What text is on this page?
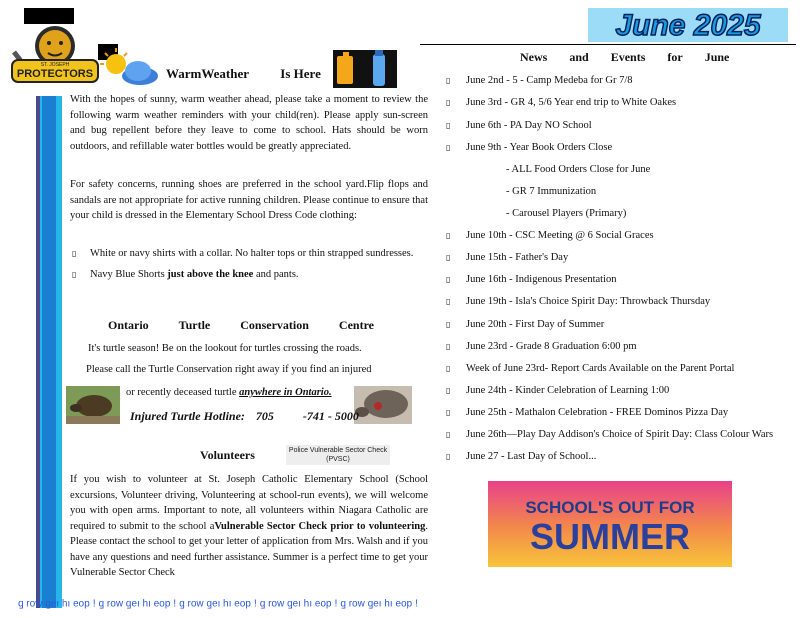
ST. JOSEPH
PROTECTORS
June 2025
WarmWeather Is Here
With the hopes of sunny, warm weather ahead, please take a moment to review the following warm weather reminders with your child(ren). Please apply sun-screen and bug repellent before they leave to come to school. Hats should be worn outdoors, and refillable water bottles would be greatly appreciated.
For safety concerns, running shoes are preferred in the school yard.Flip flops and sandals are not appropriate for active running children. Please continue to ensure that your child is dressed in the Elementary School Dress Code clothing:
▯ White or navy shirts with a collar. No halter tops or thin strapped sundresses.
▯ Navy Blue Shorts just above the knee and pants.
Ontario	Turtle	Conservation	Centre
It's turtle season! Be on the lookout for turtles crossing the roads.
Please call the Turtle Conservation right away if you find an injured
or recently deceased turtle anywhere in Ontario.
Injured Turtle Hotline: 705 -741 - 5000
Volunteers	Police Vulnerable Sector Check (PVSC)
If you wish to volunteer at St. Joseph Catholic Elementary School (School excursions, Volunteer driving, Volunteering at school-run events), we will welcome you with open arms. Important to note, all volunteers within Niagara Catholic are required to submit to the school aVulnerable Sector Check prior to volunteering. Please contact the school to get your letter of application from Mrs. Walsh and if you have any questions and need further assistance. Summer is a perfect time to get your Vulnerable Sector Check
¡ doǝ ıɥ ıǝƃ ʍoɹ ƃ ¡ doǝ ıɥ ıǝƃ ʍoɹ ƃ ¡ doǝ ıɥ ıǝƃ ʍoɹ ƃ ¡ doǝ ıɥ ıǝƃ ʍoɹ ƃ ¡ doǝ ıɥ ıǝƃ ʍoɹ ƃ
News and Events for June
▯ June 2nd - 5 - Camp Medeba for Gr 7/8
▯ June 3rd - GR 4, 5/6 Year end trip to White Oakes
▯ June 6th - PA Day NO School
▯ June 9th - Year Book Orders Close
- ALL Food Orders Close for June
- GR 7 Immunization
- Carousel Players (Primary)
▯ June 10th - CSC Meeting @ 6 Social Graces
▯ June 15th - Father's Day
▯ June 16th - Indigenous Presentation
▯ June 19th - Isla's Choice Spirit Day: Throwback Thursday
▯ June 20th - First Day of Summer
▯ June 23rd - Grade 8 Graduation 6:00 pm
▯ Week of June 23rd- Report Cards Available on the Parent Portal
▯ June 24th - Kinder Celebration of Learning 1:00
▯ June 25th - Mathalon Celebration - FREE Dominos Pizza Day
▯ June 26th—Play Day Addison's Choice of Spirit Day: Class Colour Wars
▯ June 27 - Last Day of School...
SCHOOL'S OUT FOR
SUMMER
